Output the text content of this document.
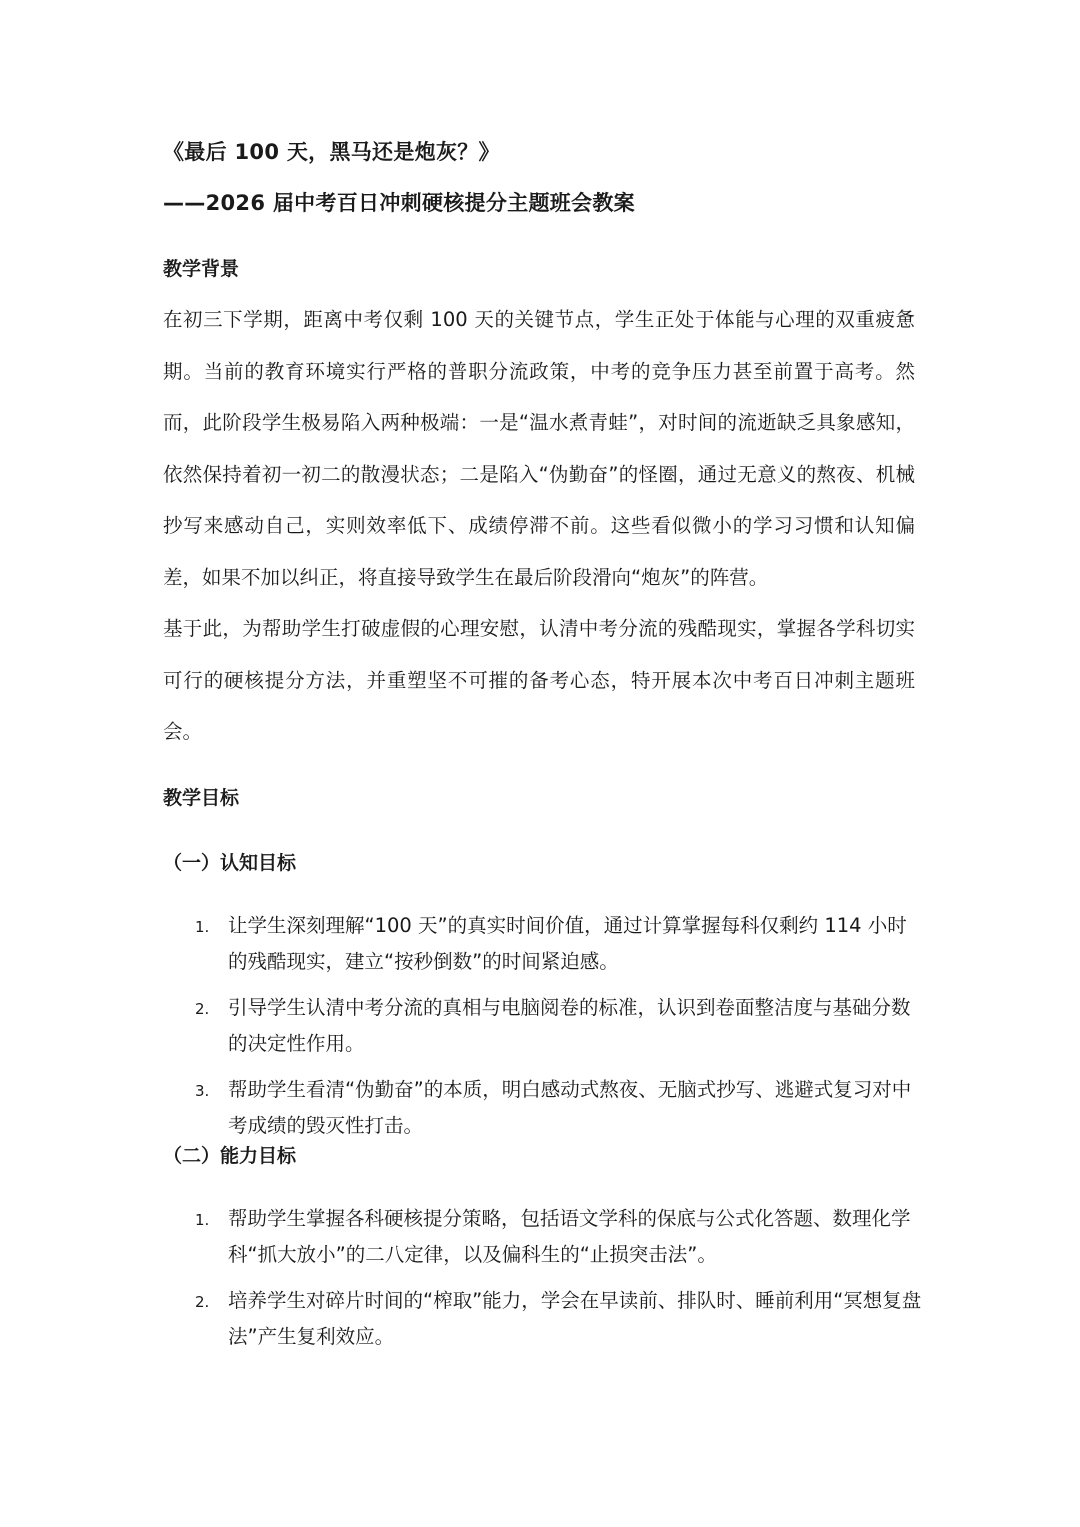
《最后 100 天，黑马还是炮灰？》
——2026 届中考百日冲刺硬核提分主题班会教案
教学背景
在初三下学期，距离中考仅剩 100 天的关键节点，学生正处于体能与心理的双重疲惫期。当前的教育环境实行严格的普职分流政策，中考的竞争压力甚至前置于高考。然而，此阶段学生极易陷入两种极端：一是“温水煮青蛙”，对时间的流逝缺乏具象感知，依然保持着初一初二的散漫状态；二是陷入“伪勤奋”的怪圈，通过无意义的熬夜、机械抄写来感动自己，实则效率低下、成绩停滞不前。这些看似微小的学习习惯和认知偏差，如果不加以纠正，将直接导致学生在最后阶段滑向“炮灰”的阵营。
基于此，为帮助学生打破虚假的心理安慰，认清中考分流的残酷现实，掌握各学科切实可行的硬核提分方法，并重塑坚不可摧的备考心态，特开展本次中考百日冲刺主题班会。
教学目标
（一）认知目标
1. 让学生深刻理解“100 天”的真实时间价值，通过计算掌握每科仅剩约 114 小时的残酷现实，建立“按秒倒数”的时间紧迫感。
2. 引导学生认清中考分流的真相与电脑阅卷的标准，认识到卷面整洁度与基础分数的决定性作用。
3. 帮助学生看清“伪勤奋”的本质，明白感动式熬夜、无脑式抄写、逃避式复习对中考成绩的毁灭性打击。
（二）能力目标
1. 帮助学生掌握各科硬核提分策略，包括语文学科的保底与公式化答题、数理化学科“抓大放小”的二八定律，以及偏科生的“止损突击法”。
2. 培养学生对碎片时间的“榨取”能力，学会在早读前、排队时、睡前利用“冥想复盘法”产生复利效应。
